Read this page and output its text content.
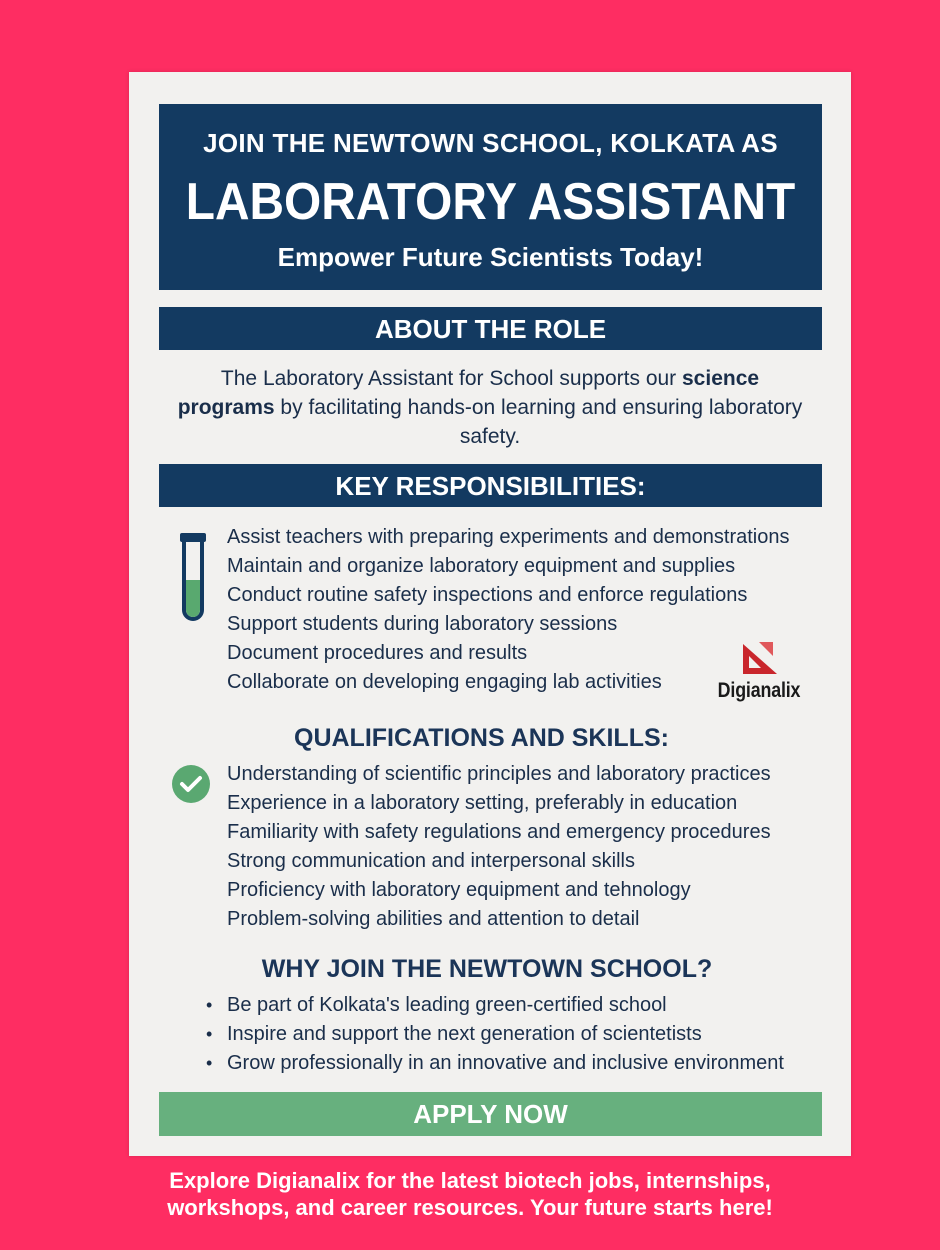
JOIN THE NEWTOWN SCHOOL, KOLKATA AS
LABORATORY ASSISTANT
Empower Future Scientists Today!
ABOUT THE ROLE
The Laboratory Assistant for School supports our science programs by facilitating hands-on learning and ensuring laboratory safety.
KEY RESPONSIBILITIES:
Assist teachers with preparing experiments and demonstrations
Maintain and organize laboratory equipment and supplies
Conduct routine safety inspections and enforce regulations
Support students during laboratory sessions
Document procedures and results
Collaborate on developing engaging lab activities	Digianalix
QUALIFICATIONS AND SKILLS:
Understanding of scientific principles and laboratory practices
Experience in a laboratory setting, preferably in education
Familiarity with safety regulations and emergency procedures
Strong communication and interpersonal skills
Proficiency with laboratory equipment and tehnology
Problem-solving abilities and attention to detail
WHY JOIN THE NEWTOWN SCHOOL?
• Be part of Kolkata's leading green-certified school
• Inspire and support the next generation of scientetists
• Grow professionally in an innovative and inclusive environment
APPLY NOW
Explore Digianalix for the latest biotech jobs, internships,
workshops, and career resources. Your future starts here!
